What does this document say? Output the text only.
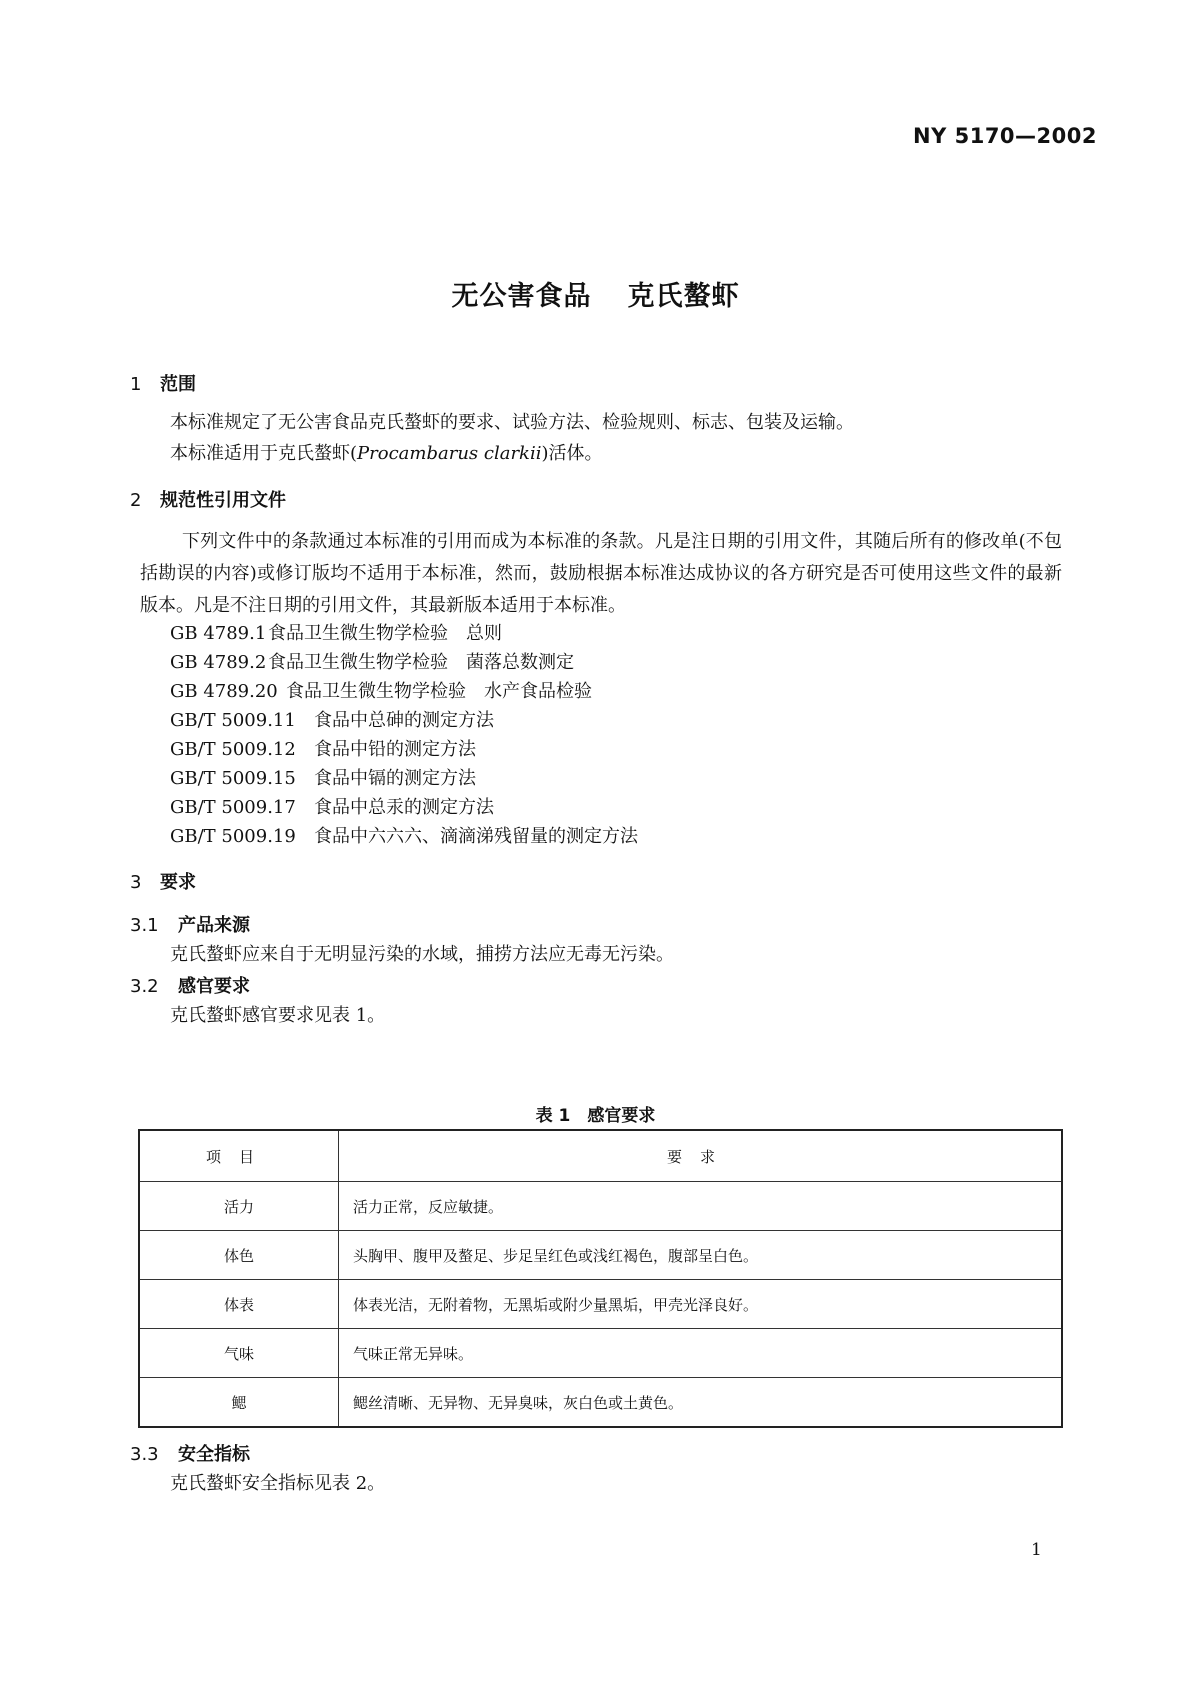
NY 5170—2002
无公害食品 克氏螯虾
1 范围
本标准规定了无公害食品克氏螯虾的要求、试验方法、检验规则、标志、包装及运输。
本标准适用于克氏螯虾(Procambarus clarkii)活体。
2 规范性引用文件
下列文件中的条款通过本标准的引用而成为本标准的条款。凡是注日期的引用文件，其随后所有的修改单(不包括勘误的内容)或修订版均不适用于本标准，然而，鼓励根据本标准达成协议的各方研究是否可使用这些文件的最新版本。凡是不注日期的引用文件，其最新版本适用于本标准。
GB 4789.1食品卫生微生物学检验　总则
GB 4789.2食品卫生微生物学检验　菌落总数测定
GB 4789.20 食品卫生微生物学检验　水产食品检验
GB/T 5009.11 食品中总砷的测定方法
GB/T 5009.12 食品中铅的测定方法
GB/T 5009.15 食品中镉的测定方法
GB/T 5009.17 食品中总汞的测定方法
GB/T 5009.19 食品中六六六、滴滴涕残留量的测定方法
3 要求
3.1 产品来源
克氏螯虾应来自于无明显污染的水域，捕捞方法应无毒无污染。
3.2 感官要求
克氏螯虾感官要求见表 1。
表 1　感官要求
项目	要求
活力	活力正常，反应敏捷。
体色	头胸甲、腹甲及螯足、步足呈红色或浅红褐色，腹部呈白色。
体表	体表光洁，无附着物，无黑垢或附少量黑垢，甲壳光泽良好。
气味	气味正常无异味。
鳃	鳃丝清晰、无异物、无异臭味，灰白色或土黄色。
3.3 安全指标
克氏螯虾安全指标见表 2。
1
